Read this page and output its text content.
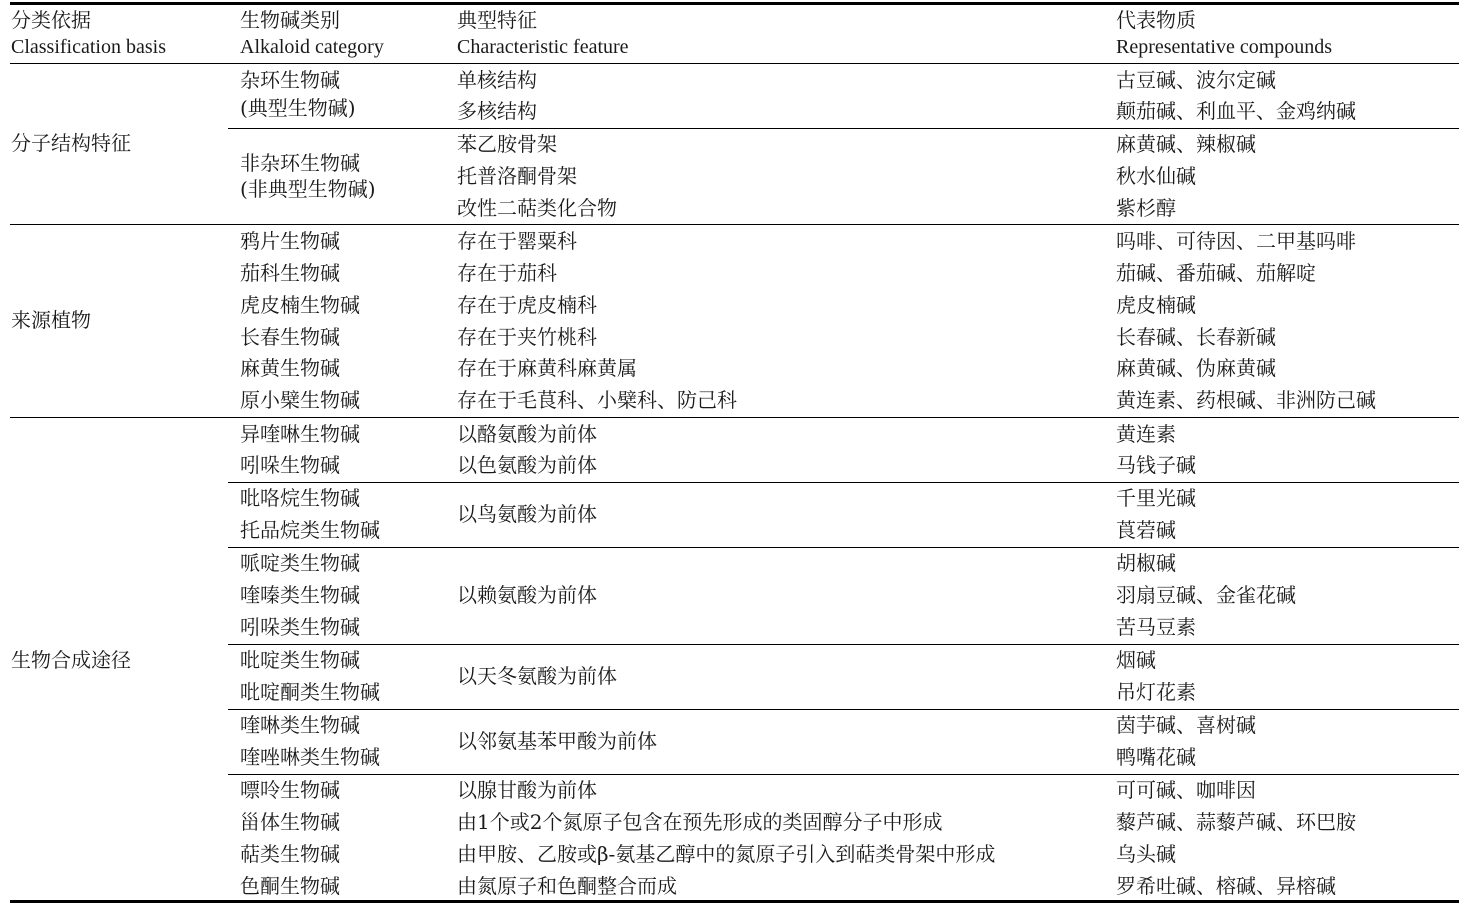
分类依据
Classification basis
生物碱类别
Alkaloid category
典型特征
Characteristic feature
代表物质
Representative compounds
分子结构特征
杂环生物碱
(典型生物碱)
单核结构
多核结构
古豆碱、波尔定碱
颠茄碱、利血平、金鸡纳碱
非杂环生物碱
(非典型生物碱)
苯乙胺骨架
托普洛酮骨架
改性二萜类化合物
麻黄碱、辣椒碱
秋水仙碱
紫杉醇
来源植物
鸦片生物碱
茄科生物碱
虎皮楠生物碱
长春生物碱
麻黄生物碱
原小檗生物碱
存在于罂粟科
存在于茄科
存在于虎皮楠科
存在于夹竹桃科
存在于麻黄科麻黄属
存在于毛茛科、小檗科、防己科
吗啡、可待因、二甲基吗啡
茄碱、番茄碱、茄解啶
虎皮楠碱
长春碱、长春新碱
麻黄碱、伪麻黄碱
黄连素、药根碱、非洲防己碱
生物合成途径
异喹啉生物碱
吲哚生物碱
以酪氨酸为前体
以色氨酸为前体
黄连素
马钱子碱
吡咯烷生物碱
托品烷类生物碱
以鸟氨酸为前体
千里光碱
莨菪碱
哌啶类生物碱
喹嗪类生物碱
吲哚类生物碱
以赖氨酸为前体
胡椒碱
羽扇豆碱、金雀花碱
苦马豆素
吡啶类生物碱
吡啶酮类生物碱
以天冬氨酸为前体
烟碱
吊灯花素
喹啉类生物碱
喹唑啉类生物碱
以邻氨基苯甲酸为前体
茵芋碱、喜树碱
鸭嘴花碱
嘌呤生物碱
甾体生物碱
萜类生物碱
色酮生物碱
以腺甘酸为前体
由1个或2个氮原子包含在预先形成的类固醇分子中形成
由甲胺、乙胺或β-氨基乙醇中的氮原子引入到萜类骨架中形成
由氮原子和色酮整合而成
可可碱、咖啡因
藜芦碱、蒜藜芦碱、环巴胺
乌头碱
罗希吐碱、榕碱、异榕碱
